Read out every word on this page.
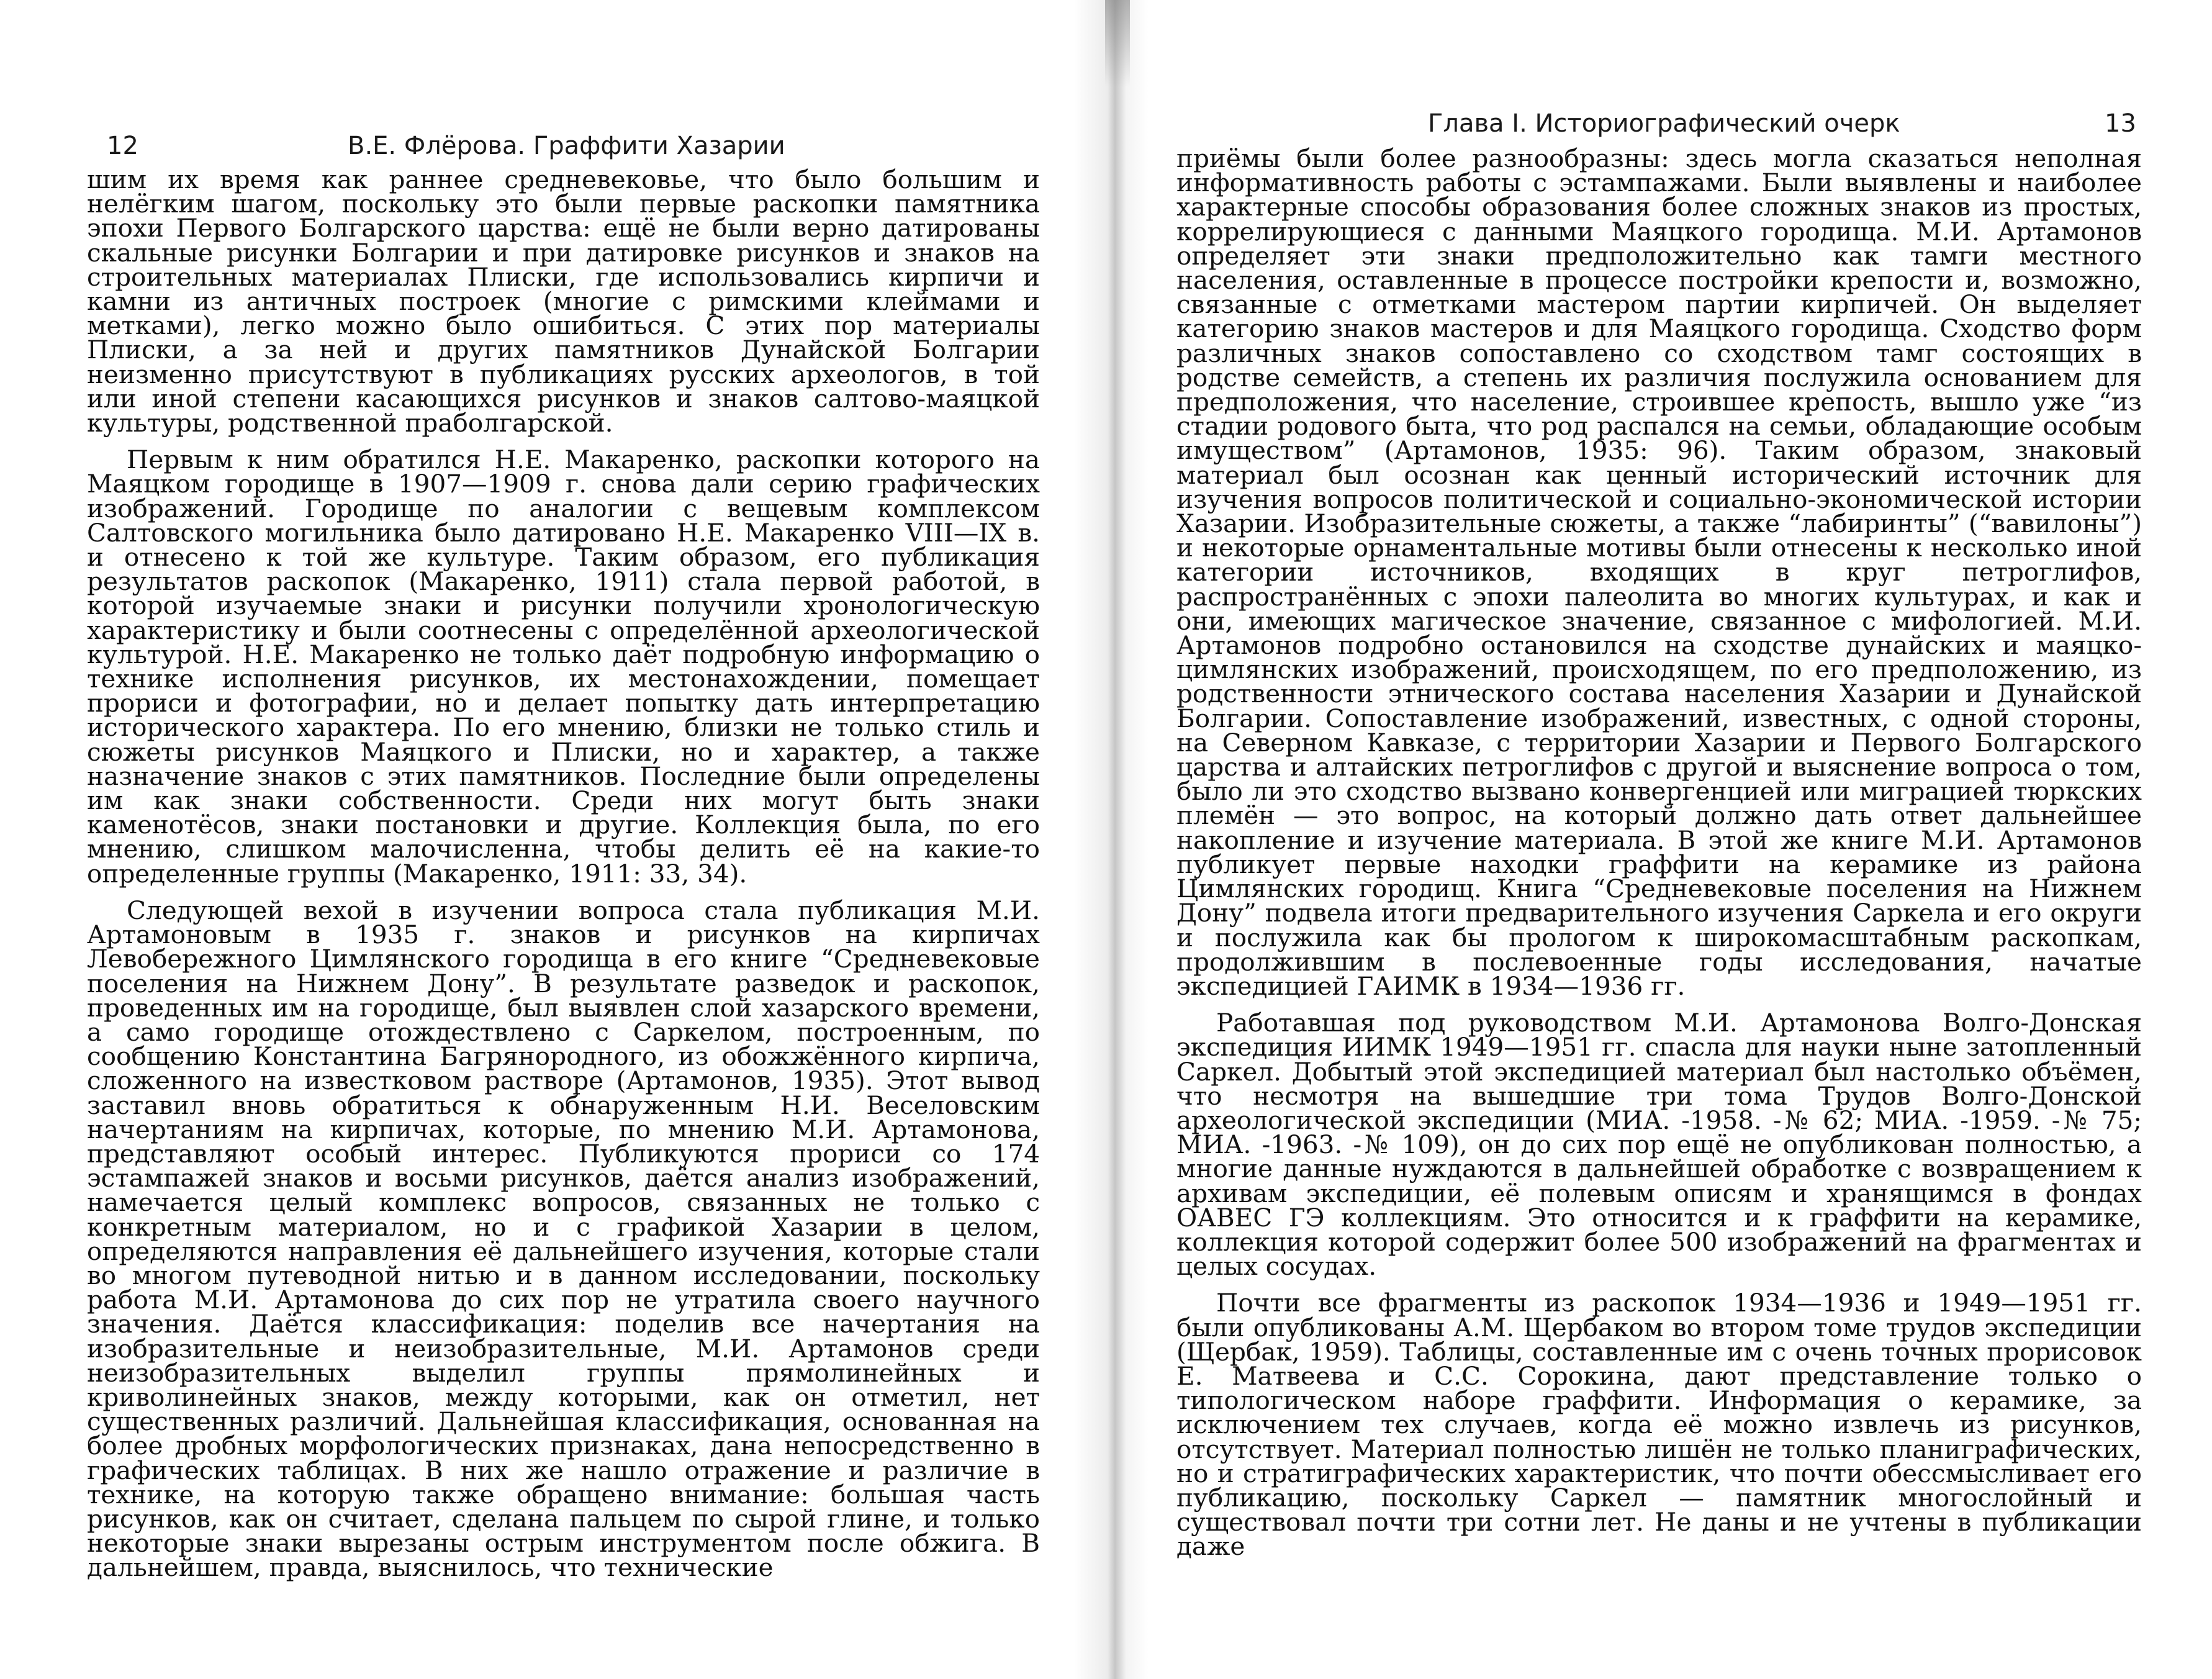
12	В.Е. Флёрова. Граффити Хазарии

шим их время как раннее средневековье, что было большим и нелёгким шагом, поскольку это были первые раскопки памятника эпохи Первого Болгарского царства: ещё не были верно датированы скальные рисунки Болгарии и при датировке рисунков и знаков на строительных материалах Плиски, где использовались кирпичи и камни из античных построек (многие с римскими клеймами и метками), легко можно было ошибиться. С этих пор материалы Плиски, а за ней и других памятников Дунайской Болгарии неизменно присутствуют в публикациях русских археологов, в той или иной степени касающихся рисунков и знаков салтово-маяцкой культуры, родственной праболгарской.

Первым к ним обратился Н.Е. Макаренко, раскопки которого на Маяцком городище в 1907—1909 г. снова дали серию графических изображений. Городище по аналогии с вещевым комплексом Салтовского могильника было датировано Н.Е. Макаренко VIII—IX в. и отнесено к той же культуре. Таким образом, его публикация результатов раскопок (Макаренко, 1911) стала первой работой, в которой изучаемые знаки и рисунки получили хронологическую характеристику и были соотнесены с определённой археологической культурой. Н.Е. Макаренко не только даёт подробную информацию о технике исполнения рисунков, их местонахождении, помещает прориси и фотографии, но и делает попытку дать интерпретацию исторического характера. По его мнению, близки не только стиль и сюжеты рисунков Маяцкого и Плиски, но и характер, а также назначение знаков с этих памятников. Последние были определены им как знаки собственности. Среди них могут быть знаки каменотёсов, знаки постановки и другие. Коллекция была, по его мнению, слишком малочисленна, чтобы делить её на какие-то определенные группы (Макаренко, 1911: 33, 34).

Следующей вехой в изучении вопроса стала публикация М.И. Артамоновым в 1935 г. знаков и рисунков на кирпичах Левобережного Цимлянского городища в его книге “Средневековые поселения на Нижнем Дону”. В результате разведок и раскопок, проведенных им на городище, был выявлен слой хазарского времени, а само городище отождествлено с Саркелом, построенным, по сообщению Константина Багрянородного, из обожжённого кирпича, сложенного на известковом растворе (Артамонов, 1935). Этот вывод заставил вновь обратиться к обнаруженным Н.И. Веселовским начертаниям на кирпичах, которые, по мнению М.И. Артамонова, представляют особый интерес. Публикуются прориси со 174 эстампажей знаков и восьми рисунков, даётся анализ изображений, намечается целый комплекс вопросов, связанных не только с конкретным материалом, но и с графикой Хазарии в целом, определяются направления её дальнейшего изучения, которые стали во многом путеводной нитью и в данном исследовании, поскольку работа М.И. Артамонова до сих пор не утратила своего научного значения. Даётся классификация: поделив все начертания на изобразительные и неизобразительные, М.И. Артамонов среди неизобразительных выделил группы прямолинейных и криволинейных знаков, между которыми, как он отметил, нет существенных различий. Дальнейшая классификация, основанная на более дробных морфологических признаках, дана непосредственно в графических таблицах. В них же нашло отражение и различие в технике, на которую также обращено внимание: большая часть рисунков, как он считает, сделана пальцем по сырой глине, и только некоторые знаки вырезаны острым инструментом после обжига. В дальнейшем, правда, выяснилось, что технические

Глава I. Историографический очерк	13

приёмы были более разнообразны: здесь могла сказаться неполная информативность работы с эстампажами. Были выявлены и наиболее характерные способы образования более сложных знаков из простых, коррелирующиеся с данными Маяцкого городища. М.И. Артамонов определяет эти знаки предположительно как тамги местного населения, оставленные в процессе постройки крепости и, возможно, связанные с отметками мастером партии кирпичей. Он выделяет категорию знаков мастеров и для Маяцкого городища. Сходство форм различных знаков сопоставлено со сходством тамг состоящих в родстве семейств, а степень их различия послужила основанием для предположения, что население, строившее крепость, вышло уже “из стадии родового быта, что род распался на семьи, обладающие особым имуществом” (Артамонов, 1935: 96). Таким образом, знаковый материал был осознан как ценный исторический источник для изучения вопросов политической и социально-экономической истории Хазарии. Изобразительные сюжеты, а также “лабиринты” (“вавилоны”) и некоторые орнаментальные мотивы были отнесены к несколько иной категории источников, входящих в круг петроглифов, распространённых с эпохи палеолита во многих культурах, и как и они, имеющих магическое значение, связанное с мифологией. М.И. Артамонов подробно остановился на сходстве дунайских и маяцко-цимлянских изображений, происходящем, по его предположению, из родственности этнического состава населения Хазарии и Дунайской Болгарии. Сопоставление изображений, известных, с одной стороны, на Северном Кавказе, с территории Хазарии и Первого Болгарского царства и алтайских петроглифов с другой и выяснение вопроса о том, было ли это сходство вызвано конвергенцией или миграцией тюркских племён — это вопрос, на который должно дать ответ дальнейшее накопление и изучение материала. В этой же книге М.И. Артамонов публикует первые находки граффити на керамике из района Цимлянских городищ. Книга “Средневековые поселения на Нижнем Дону” подвела итоги предварительного изучения Саркела и его округи и послужила как бы прологом к широкомасштабным раскопкам, продолжившим в послевоенные годы исследования, начатые экспедицией ГАИМК в 1934—1936 гг.

Работавшая под руководством М.И. Артамонова Волго-Донская экспедиция ИИМК 1949—1951 гг. спасла для науки ныне затопленный Саркел. Добытый этой экспедицией материал был настолько объёмен, что несмотря на вышедшие три тома Трудов Волго-Донской археологической экспедиции (МИА. -1958. -№ 62; МИА. -1959. -№ 75; МИА. -1963. -№ 109), он до сих пор ещё не опубликован полностью, а многие данные нуждаются в дальнейшей обработке с возвращением к архивам экспедиции, её полевым описям и хранящимся в фондах ОАВЕС ГЭ коллекциям. Это относится и к граффити на керамике, коллекция которой содержит более 500 изображений на фрагментах и целых сосудах.

Почти все фрагменты из раскопок 1934—1936 и 1949—1951 гг. были опубликованы А.М. Щербаком во втором томе трудов экспедиции (Щербак, 1959). Таблицы, составленные им с очень точных прорисовок Е. Матвеева и С.С. Сорокина, дают представление только о типологическом наборе граффити. Информация о керамике, за исключением тех случаев, когда её можно извлечь из рисунков, отсутствует. Материал полностью лишён не только планиграфических, но и стратиграфических характеристик, что почти обессмысливает его публикацию, поскольку Саркел — памятник многослойный и существовал почти три сотни лет. Не даны и не учтены в публикации даже
